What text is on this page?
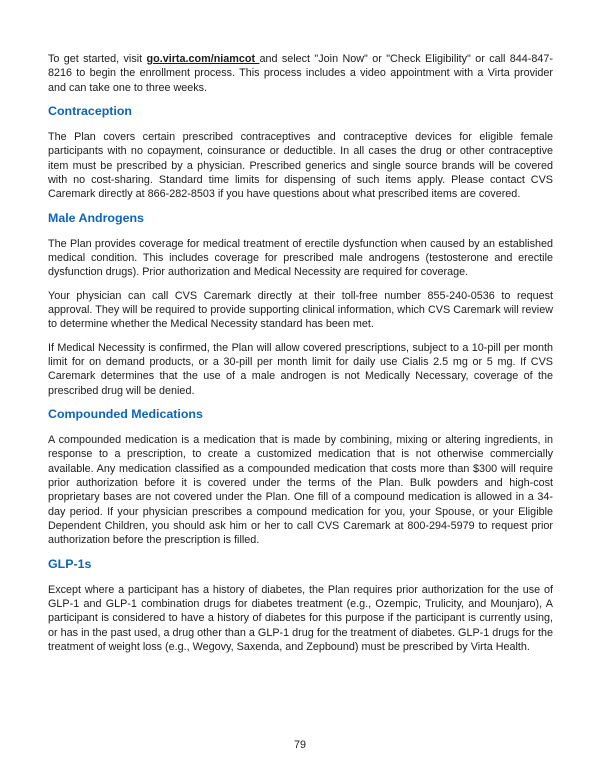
To get started, visit go.virta.com/niamcot and select "Join Now" or "Check Eligibility" or call 844-847-8216 to begin the enrollment process. This process includes a video appointment with a Virta provider and can take one to three weeks.

Contraception

The Plan covers certain prescribed contraceptives and contraceptive devices for eligible female participants with no copayment, coinsurance or deductible. In all cases the drug or other contraceptive item must be prescribed by a physician. Prescribed generics and single source brands will be covered with no cost-sharing. Standard time limits for dispensing of such items apply. Please contact CVS Caremark directly at 866-282-8503 if you have questions about what prescribed items are covered.

Male Androgens

The Plan provides coverage for medical treatment of erectile dysfunction when caused by an established medical condition. This includes coverage for prescribed male androgens (testosterone and erectile dysfunction drugs). Prior authorization and Medical Necessity are required for coverage.

Your physician can call CVS Caremark directly at their toll-free number 855-240-0536 to request approval. They will be required to provide supporting clinical information, which CVS Caremark will review to determine whether the Medical Necessity standard has been met.

If Medical Necessity is confirmed, the Plan will allow covered prescriptions, subject to a 10-pill per month limit for on demand products, or a 30-pill per month limit for daily use Cialis 2.5 mg or 5 mg. If CVS Caremark determines that the use of a male androgen is not Medically Necessary, coverage of the prescribed drug will be denied.

Compounded Medications

A compounded medication is a medication that is made by combining, mixing or altering ingredients, in response to a prescription, to create a customized medication that is not otherwise commercially available. Any medication classified as a compounded medication that costs more than $300 will require prior authorization before it is covered under the terms of the Plan. Bulk powders and high-cost proprietary bases are not covered under the Plan. One fill of a compound medication is allowed in a 34-day period. If your physician prescribes a compound medication for you, your Spouse, or your Eligible Dependent Children, you should ask him or her to call CVS Caremark at 800-294-5979 to request prior authorization before the prescription is filled.

GLP-1s

Except where a participant has a history of diabetes, the Plan requires prior authorization for the use of GLP-1 and GLP-1 combination drugs for diabetes treatment (e.g., Ozempic, Trulicity, and Mounjaro), A participant is considered to have a history of diabetes for this purpose if the participant is currently using, or has in the past used, a drug other than a GLP-1 drug for the treatment of diabetes. GLP-1 drugs for the treatment of weight loss (e.g., Wegovy, Saxenda, and Zepbound) must be prescribed by Virta Health.

79
